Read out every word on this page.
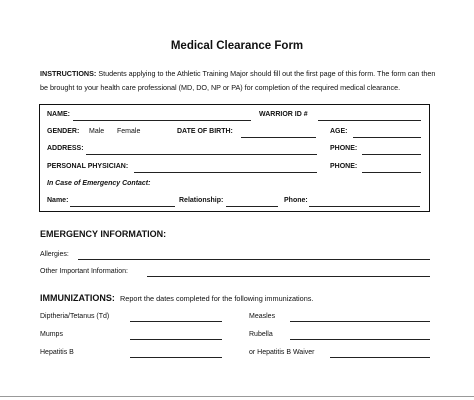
Medical Clearance Form
INSTRUCTIONS: Students applying to the Athletic Training Major should fill out the first page of this form. The form can then be brought to your health care professional (MD, DO, NP or PA) for completion of the required medical clearance.
NAME:	WARRIOR ID #
GENDER: Male Female	DATE OF BIRTH:	AGE:
ADDRESS:	PHONE:
PERSONAL PHYSICIAN:	PHONE:
In Case of Emergency Contact:
Name:	Relationship:	Phone:
EMERGENCY INFORMATION:
Allergies:
Other Important Information:
IMMUNIZATIONS: Report the dates completed for the following immunizations.
Diptheria/Tetanus (Td)	Measles
Mumps	Rubella
Hepatitis B	or Hepatitis B Waiver
